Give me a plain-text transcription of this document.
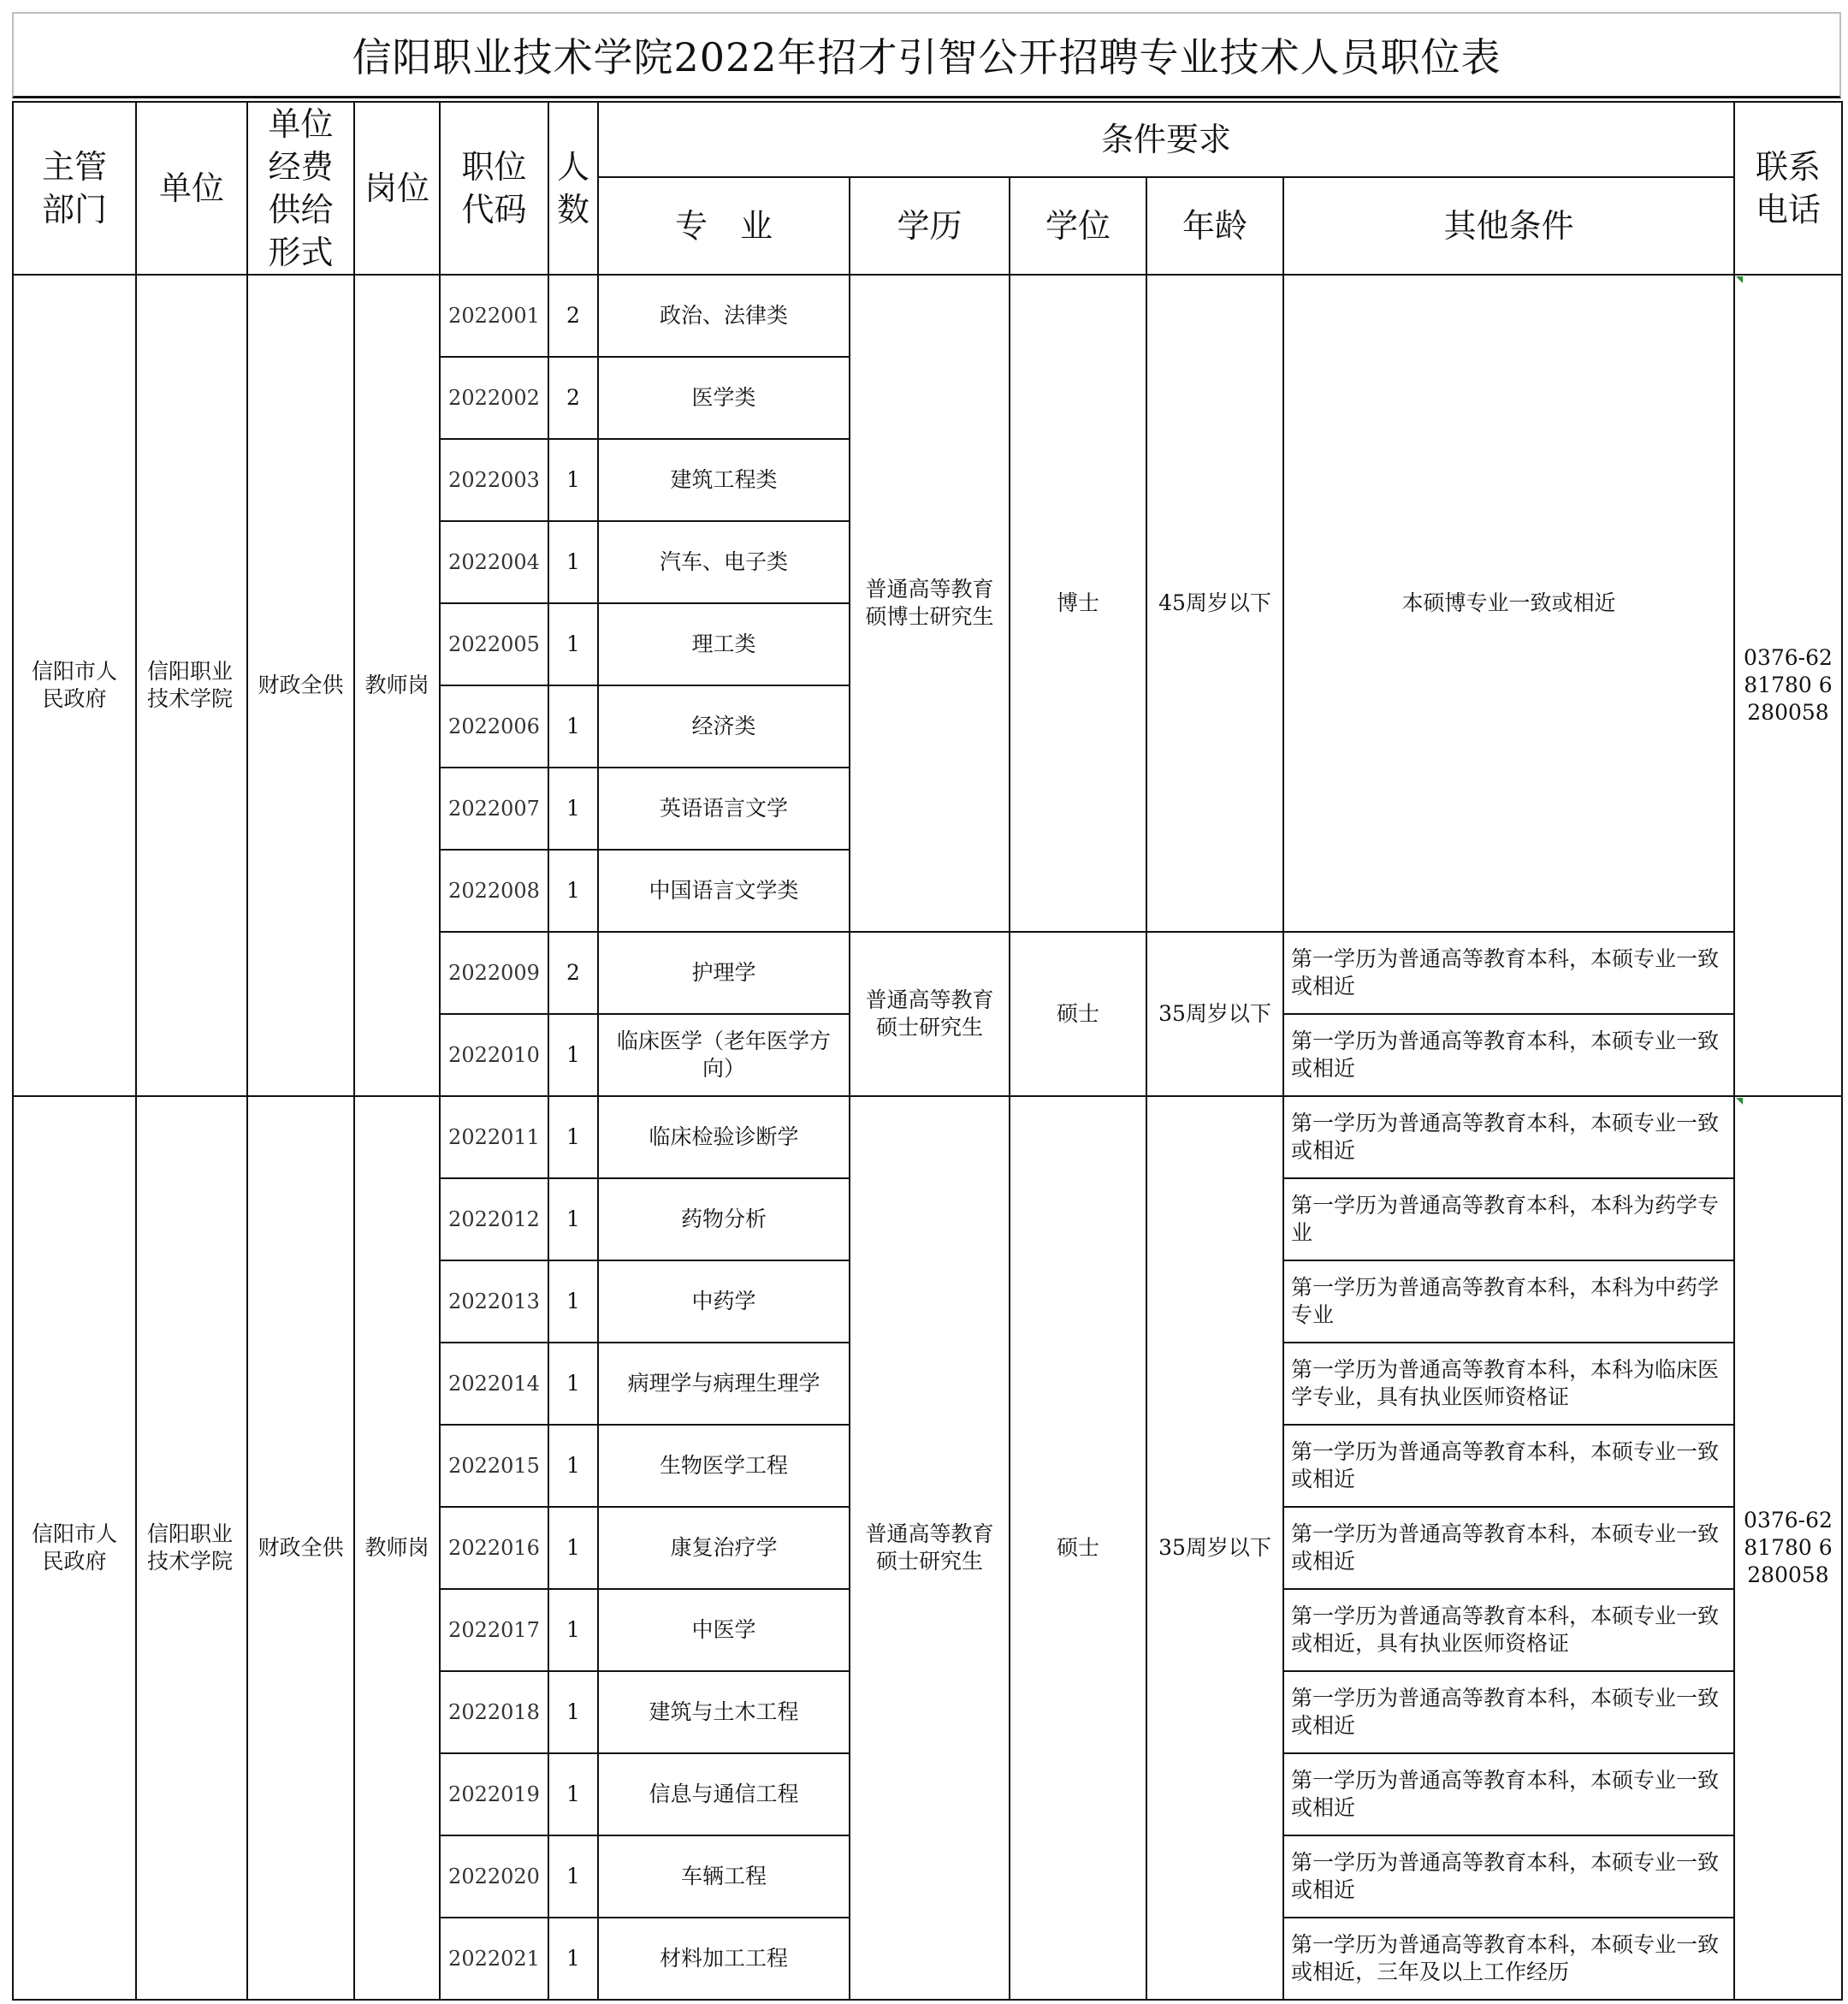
信阳职业技术学院2022年招才引智公开招聘专业技术人员职位表
主管部门	单位	单位经费供给形式	岗位	职位代码	人数	条件要求					联系电话
						专　业	学历	学位	年龄	其他条件	
信阳市人民政府	信阳职业技术学院	财政全供	教师岗	2022001	2	政治、法律类	普通高等教育硕博士研究生	博士	45周岁以下	本硕博专业一致或相近	0376-6281780 6280058
				2022002	2	医学类					
				2022003	1	建筑工程类					
				2022004	1	汽车、电子类					
				2022005	1	理工类					
				2022006	1	经济类					
				2022007	1	英语语言文学					
				2022008	1	中国语言文学类					
				2022009	2	护理学	普通高等教育硕士研究生	硕士	35周岁以下	第一学历为普通高等教育本科，本硕专业一致或相近	
				2022010	1	临床医学（老年医学方向）				第一学历为普通高等教育本科，本硕专业一致或相近	
信阳市人民政府	信阳职业技术学院	财政全供	教师岗	2022011	1	临床检验诊断学	普通高等教育硕士研究生	硕士	35周岁以下	第一学历为普通高等教育本科，本硕专业一致或相近	0376-6281780 6280058
				2022012	1	药物分析				第一学历为普通高等教育本科，本科为药学专业	
				2022013	1	中药学				第一学历为普通高等教育本科，本科为中药学专业	
				2022014	1	病理学与病理生理学				第一学历为普通高等教育本科，本科为临床医学专业，具有执业医师资格证	
				2022015	1	生物医学工程				第一学历为普通高等教育本科，本硕专业一致或相近	
				2022016	1	康复治疗学				第一学历为普通高等教育本科，本硕专业一致或相近	
				2022017	1	中医学				第一学历为普通高等教育本科，本硕专业一致或相近，具有执业医师资格证	
				2022018	1	建筑与土木工程				第一学历为普通高等教育本科，本硕专业一致或相近	
				2022019	1	信息与通信工程				第一学历为普通高等教育本科，本硕专业一致或相近	
				2022020	1	车辆工程				第一学历为普通高等教育本科，本硕专业一致或相近	
				2022021	1	材料加工工程				第一学历为普通高等教育本科，本硕专业一致或相近，三年及以上工作经历	
